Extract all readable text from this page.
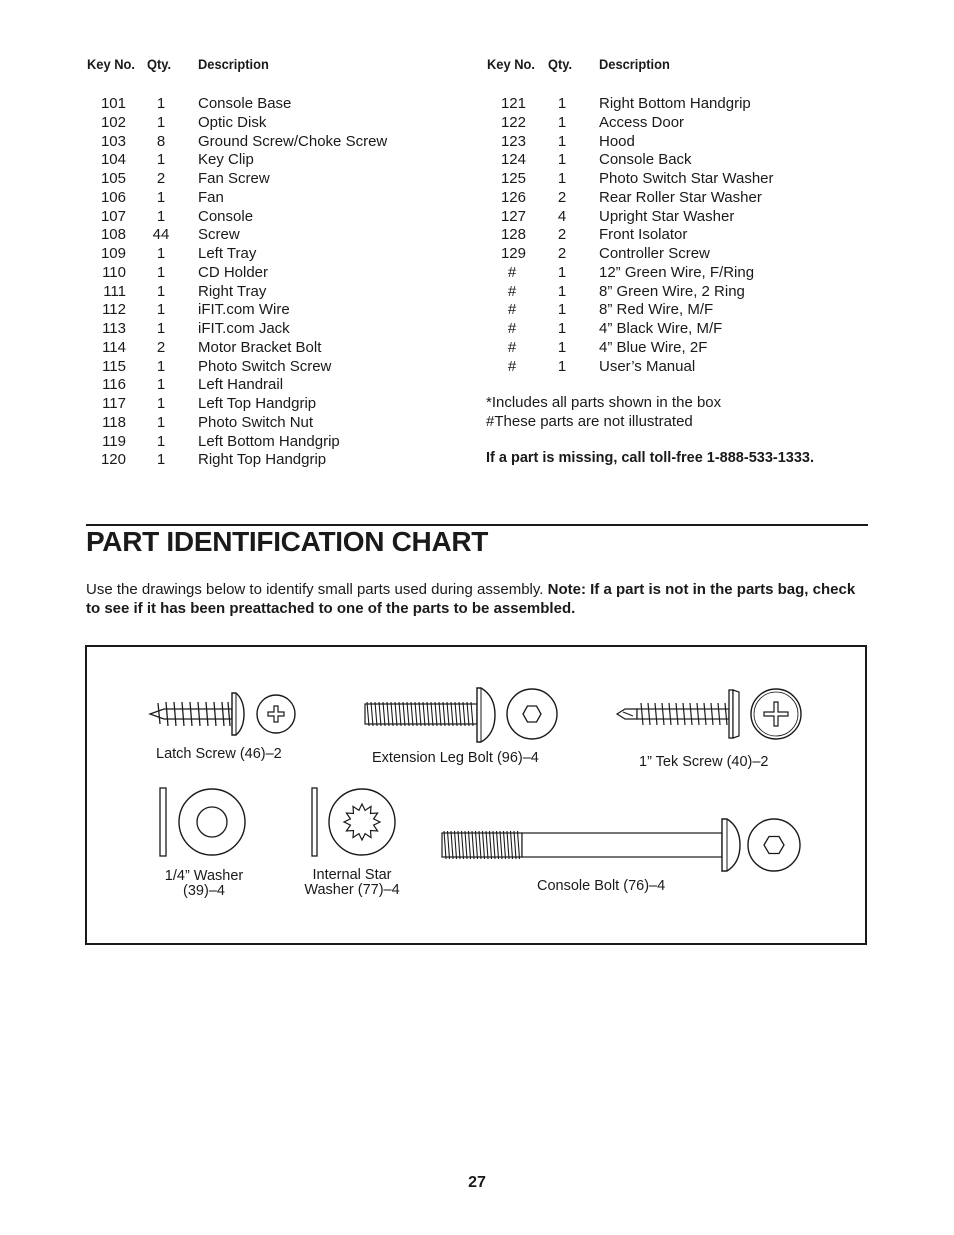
Key No. Qty. Description	Key No. Qty. Description
101	1	Console Base
102	1	Optic Disk
103	8	Ground Screw/Choke Screw
104	1	Key Clip
105	2	Fan Screw
106	1	Fan
107	1	Console
108 44 Screw
109	1	Left Tray
110	1	CD Holder
111	1	Right Tray
112	1	iFIT.com Wire
113	1	iFIT.com Jack
114	2	Motor Bracket Bolt
115	1	Photo Switch Screw
116	1	Left Handrail
117	1	Left Top Handgrip
118	1	Photo Switch Nut
119	1	Left Bottom Handgrip
120	1	Right Top Handgrip
121	1	Right Bottom Handgrip
122	1	Access Door
123	1	Hood
124	1	Console Back
125	1	Photo Switch Star Washer
126	2	Rear Roller Star Washer
127	4	Upright Star Washer
128	2	Front Isolator
129	2	Controller Screw
#	1	12” Green Wire, F/Ring
#	1	8” Green Wire, 2 Ring
#	1	8” Red Wire, M/F
#	1	4” Black Wire, M/F
#	1	4” Blue Wire, 2F
#	1	User’s Manual
*Includes all parts shown in the box
#These parts are not illustrated
If a part is missing, call toll-free 1-888-533-1333.
PART IDENTIFICATION CHART
Use the drawings below to identify small parts used during assembly. Note: If a part is not in the parts bag, check to see if it has been preattached to one of the parts to be assembled.
Latch Screw (46)–2	Extension Leg Bolt (96)–4	1” Tek Screw (40)–2
1/4” Washer
(39)–4
Internal Star
Washer (77)–4	Console Bolt (76)–4
27
